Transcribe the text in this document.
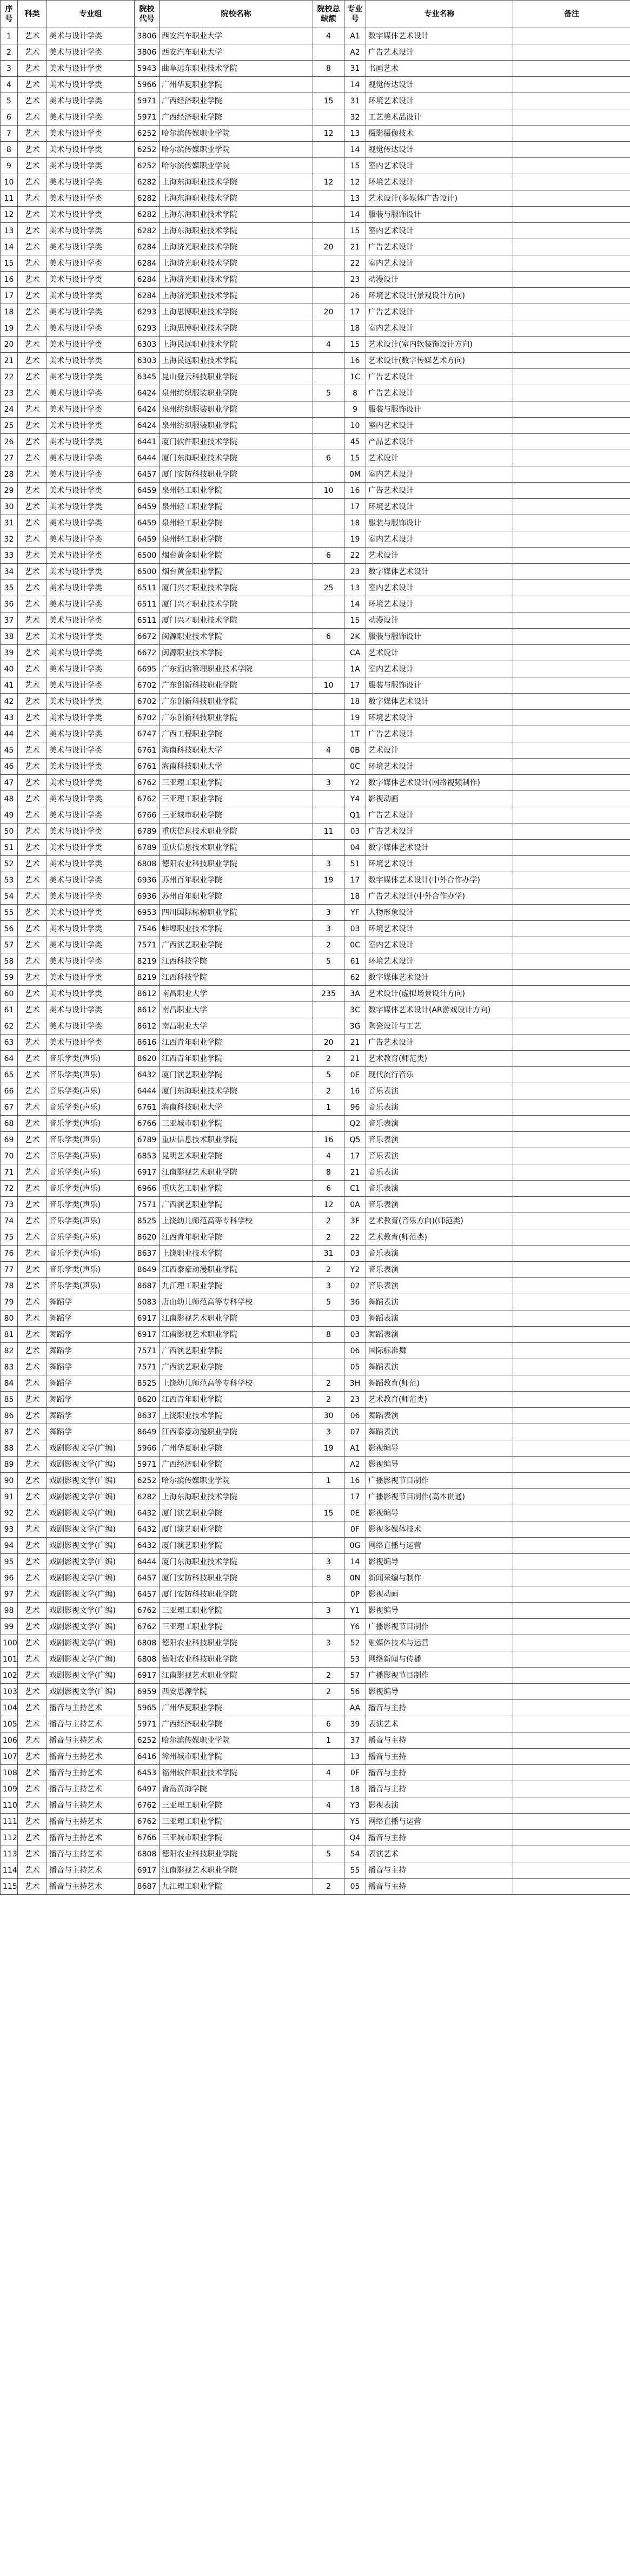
序号	科类	专业组	院校代号	院校名称	院校总缺额	专业号	专业名称	备注
1	艺术	美术与设计学类	3806	西安汽车职业大学	4	A1	数字媒体艺术设计	
2	艺术	美术与设计学类	3806	西安汽车职业大学		A2	广告艺术设计	
3	艺术	美术与设计学类	5943	曲阜远东职业技术学院	8	31	书画艺术	
4	艺术	美术与设计学类	5966	广州华夏职业学院		14	视觉传达设计	
5	艺术	美术与设计学类	5971	广西经济职业学院	15	31	环境艺术设计	
6	艺术	美术与设计学类	5971	广西经济职业学院		32	工艺美术品设计	
7	艺术	美术与设计学类	6252	哈尔滨传媒职业学院	12	13	摄影摄像技术	
8	艺术	美术与设计学类	6252	哈尔滨传媒职业学院		14	视觉传达设计	
9	艺术	美术与设计学类	6252	哈尔滨传媒职业学院		15	室内艺术设计	
10	艺术	美术与设计学类	6282	上海东海职业技术学院	12	12	环境艺术设计	
11	艺术	美术与设计学类	6282	上海东海职业技术学院		13	艺术设计(多媒体广告设计)	
12	艺术	美术与设计学类	6282	上海东海职业技术学院		14	服装与服饰设计	
13	艺术	美术与设计学类	6282	上海东海职业技术学院		15	室内艺术设计	
14	艺术	美术与设计学类	6284	上海济光职业技术学院	20	21	广告艺术设计	
15	艺术	美术与设计学类	6284	上海济光职业技术学院		22	室内艺术设计	
16	艺术	美术与设计学类	6284	上海济光职业技术学院		23	动漫设计	
17	艺术	美术与设计学类	6284	上海济光职业技术学院		26	环境艺术设计(景观设计方向)	
18	艺术	美术与设计学类	6293	上海思博职业技术学院	20	17	广告艺术设计	
19	艺术	美术与设计学类	6293	上海思博职业技术学院		18	室内艺术设计	
20	艺术	美术与设计学类	6303	上海民远职业技术学院	4	15	艺术设计(室内软装饰设计方向)	
21	艺术	美术与设计学类	6303	上海民远职业技术学院		16	艺术设计(数字传媒艺术方向)	
22	艺术	美术与设计学类	6345	昆山登云科技职业学院		1C	广告艺术设计	
23	艺术	美术与设计学类	6424	泉州纺织服装职业学院	5	8	广告艺术设计	
24	艺术	美术与设计学类	6424	泉州纺织服装职业学院		9	服装与服饰设计	
25	艺术	美术与设计学类	6424	泉州纺织服装职业学院		10	室内艺术设计	
26	艺术	美术与设计学类	6441	厦门软件职业技术学院		45	产品艺术设计	
27	艺术	美术与设计学类	6444	厦门东海职业技术学院	6	15	艺术设计	
28	艺术	美术与设计学类	6457	厦门安防科技职业学院		0M	室内艺术设计	
29	艺术	美术与设计学类	6459	泉州轻工职业学院	10	16	广告艺术设计	
30	艺术	美术与设计学类	6459	泉州轻工职业学院		17	环境艺术设计	
31	艺术	美术与设计学类	6459	泉州轻工职业学院		18	服装与服饰设计	
32	艺术	美术与设计学类	6459	泉州轻工职业学院		19	室内艺术设计	
33	艺术	美术与设计学类	6500	烟台黄金职业学院	6	22	艺术设计	
34	艺术	美术与设计学类	6500	烟台黄金职业学院		23	数字媒体艺术设计	
35	艺术	美术与设计学类	6511	厦门兴才职业技术学院	25	13	室内艺术设计	
36	艺术	美术与设计学类	6511	厦门兴才职业技术学院		14	环境艺术设计	
37	艺术	美术与设计学类	6511	厦门兴才职业技术学院		15	动漫设计	
38	艺术	美术与设计学类	6672	闽源职业技术学院	6	2K	服装与服饰设计	
39	艺术	美术与设计学类	6672	闽源职业技术学院		CA	艺术设计	
40	艺术	美术与设计学类	6695	广东酒店管理职业技术学院		1A	室内艺术设计	
41	艺术	美术与设计学类	6702	广东创新科技职业学院	10	17	服装与服饰设计	
42	艺术	美术与设计学类	6702	广东创新科技职业学院		18	数字媒体艺术设计	
43	艺术	美术与设计学类	6702	广东创新科技职业学院		19	环境艺术设计	
44	艺术	美术与设计学类	6747	广西工程职业学院		1T	广告艺术设计	
45	艺术	美术与设计学类	6761	海南科技职业大学	4	0B	艺术设计	
46	艺术	美术与设计学类	6761	海南科技职业大学		0C	环境艺术设计	
47	艺术	美术与设计学类	6762	三亚理工职业学院	3	Y2	数字媒体艺术设计(网络视频制作)	
48	艺术	美术与设计学类	6762	三亚理工职业学院		Y4	影视动画	
49	艺术	美术与设计学类	6766	三亚城市职业学院		Q1	广告艺术设计	
50	艺术	美术与设计学类	6789	重庆信息技术职业学院	11	03	广告艺术设计	
51	艺术	美术与设计学类	6789	重庆信息技术职业学院		04	数字媒体艺术设计	
52	艺术	美术与设计学类	6808	德阳农业科技职业学院	3	51	环境艺术设计	
53	艺术	美术与设计学类	6936	苏州百年职业学院	19	17	数字媒体艺术设计(中外合作办学)	
54	艺术	美术与设计学类	6936	苏州百年职业学院		18	广告艺术设计(中外合作办学)	
55	艺术	美术与设计学类	6953	四川国际标榜职业学院	3	YF	人物形象设计	
56	艺术	美术与设计学类	7546	蚌埠职业技术学院	3	03	环境艺术设计	
57	艺术	美术与设计学类	7571	广西演艺职业学院	2	0C	室内艺术设计	
58	艺术	美术与设计学类	8219	江西科技学院	5	61	环境艺术设计	
59	艺术	美术与设计学类	8219	江西科技学院		62	数字媒体艺术设计	
60	艺术	美术与设计学类	8612	南昌职业大学	235	3A	艺术设计(虚拟场景设计方向)	
61	艺术	美术与设计学类	8612	南昌职业大学		3C	数字媒体艺术设计(AR游戏设计方向)	
62	艺术	美术与设计学类	8612	南昌职业大学		3G	陶瓷设计与工艺	
63	艺术	美术与设计学类	8616	江西青年职业学院	20	21	广告艺术设计	
64	艺术	音乐学类(声乐)	8620	江西青年职业学院	2	21	艺术教育(师范类)	
65	艺术	音乐学类(声乐)	6432	厦门演艺职业学院	5	0E	现代流行音乐	
66	艺术	音乐学类(声乐)	6444	厦门东海职业技术学院	2	16	音乐表演	
67	艺术	音乐学类(声乐)	6761	海南科技职业大学	1	96	音乐表演	
68	艺术	音乐学类(声乐)	6766	三亚城市职业学院		Q2	音乐表演	
69	艺术	音乐学类(声乐)	6789	重庆信息技术职业学院	16	Q5	音乐表演	
70	艺术	音乐学类(声乐)	6853	昆明艺术职业学院	4	17	音乐表演	
71	艺术	音乐学类(声乐)	6917	江南影视艺术职业学院	8	21	音乐表演	
72	艺术	音乐学类(声乐)	6966	重庆艺工职业学院	6	C1	音乐表演	
73	艺术	音乐学类(声乐)	7571	广西演艺职业学院	12	0A	音乐表演	
74	艺术	音乐学类(声乐)	8525	上饶幼儿师范高等专科学校	2	3F	艺术教育(音乐方向)(师范类)	
75	艺术	音乐学类(声乐)	8620	江西青年职业学院	2	22	艺术教育(师范类)	
76	艺术	音乐学类(声乐)	8637	上饶职业技术学院	31	03	音乐表演	
77	艺术	音乐学类(声乐)	8649	江西泰豪动漫职业学院	2	Y2	音乐表演	
78	艺术	音乐学类(声乐)	8687	九江理工职业学院	3	02	音乐表演	
79	艺术	舞蹈学	5083	唐山幼儿师范高等专科学校	5	36	舞蹈表演	
80	艺术	舞蹈学	6917	江南影视艺术职业学院		03	舞蹈表演	
81	艺术	舞蹈学	6917	江南影视艺术职业学院	8	03	舞蹈表演	
82	艺术	舞蹈学	7571	广西演艺职业学院		06	国际标准舞	
83	艺术	舞蹈学	7571	广西演艺职业学院		05	舞蹈表演	
84	艺术	舞蹈学	8525	上饶幼儿师范高等专科学校	2	3H	舞蹈教育(师范)	
85	艺术	舞蹈学	8620	江西青年职业学院	2	23	艺术教育(师范类)	
86	艺术	舞蹈学	8637	上饶职业技术学院	30	06	舞蹈表演	
87	艺术	舞蹈学	8649	江西泰豪动漫职业学院	3	07	舞蹈表演	
88	艺术	戏剧影视文学(广编)	5966	广州华夏职业学院	19	A1	影视编导	
89	艺术	戏剧影视文学(广编)	5971	广西经济职业学院		A2	影视编导	
90	艺术	戏剧影视文学(广编)	6252	哈尔滨传媒职业学院	1	16	广播影视节目制作	
91	艺术	戏剧影视文学(广编)	6282	上海东海职业技术学院		17	广播影视节目制作(高本贯通)	
92	艺术	戏剧影视文学(广编)	6432	厦门演艺职业学院	15	0E	影视编导	
93	艺术	戏剧影视文学(广编)	6432	厦门演艺职业学院		0F	影视多媒体技术	
94	艺术	戏剧影视文学(广编)	6432	厦门演艺职业学院		0G	网络直播与运营	
95	艺术	戏剧影视文学(广编)	6444	厦门东海职业技术学院	3	14	影视编导	
96	艺术	戏剧影视文学(广编)	6457	厦门安防科技职业学院	8	0N	新闻采编与制作	
97	艺术	戏剧影视文学(广编)	6457	厦门安防科技职业学院		0P	影视动画	
98	艺术	戏剧影视文学(广编)	6762	三亚理工职业学院	3	Y1	影视编导	
99	艺术	戏剧影视文学(广编)	6762	三亚理工职业学院		Y6	广播影视节目制作	
100	艺术	戏剧影视文学(广编)	6808	德阳农业科技职业学院	3	52	融媒体技术与运营	
101	艺术	戏剧影视文学(广编)	6808	德阳农业科技职业学院		53	网络新闻与传播	
102	艺术	戏剧影视文学(广编)	6917	江南影视艺术职业学院	2	57	广播影视节目制作	
103	艺术	戏剧影视文学(广编)	6959	西安思源学院	2	56	影视编导	
104	艺术	播音与主持艺术	5965	广州华夏职业学院		AA	播音与主持	
105	艺术	播音与主持艺术	5971	广西经济职业学院	6	39	表演艺术	
106	艺术	播音与主持艺术	6252	哈尔滨传媒职业学院	1	37	播音与主持	
107	艺术	播音与主持艺术	6416	漳州城市职业学院		13	播音与主持	
108	艺术	播音与主持艺术	6453	福州软件职业技术学院	4	0F	播音与主持	
109	艺术	播音与主持艺术	6497	青岛黄海学院		18	播音与主持	
110	艺术	播音与主持艺术	6762	三亚理工职业学院	4	Y3	影视表演	
111	艺术	播音与主持艺术	6762	三亚理工职业学院		Y5	网络直播与运营	
112	艺术	播音与主持艺术	6766	三亚城市职业学院		Q4	播音与主持	
113	艺术	播音与主持艺术	6808	德阳农业科技职业学院	5	54	表演艺术	
114	艺术	播音与主持艺术	6917	江南影视艺术职业学院		55	播音与主持	
115	艺术	播音与主持艺术	8687	九江理工职业学院	2	05	播音与主持	
